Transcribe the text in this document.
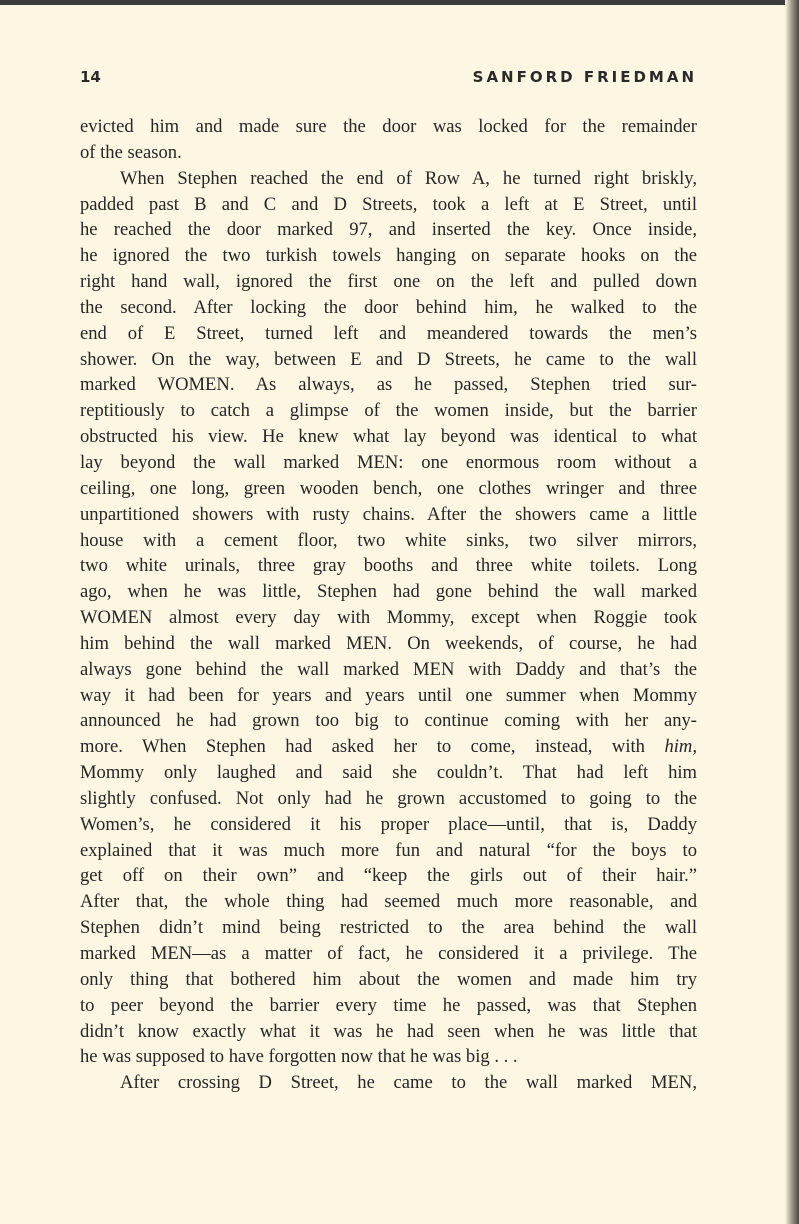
14	SANFORD FRIEDMAN
evicted him and made sure the door was locked for the remainder
of the season.
When Stephen reached the end of Row A, he turned right briskly,
padded past B and C and D Streets, took a left at E Street, until
he reached the door marked 97, and inserted the key. Once inside,
he ignored the two turkish towels hanging on separate hooks on the
right hand wall, ignored the first one on the left and pulled down
the second. After locking the door behind him, he walked to the
end of E Street, turned left and meandered towards the men’s
shower. On the way, between E and D Streets, he came to the wall
marked WOMEN. As always, as he passed, Stephen tried sur-
reptitiously to catch a glimpse of the women inside, but the barrier
obstructed his view. He knew what lay beyond was identical to what
lay beyond the wall marked MEN: one enormous room without a
ceiling, one long, green wooden bench, one clothes wringer and three
unpartitioned showers with rusty chains. After the showers came a little
house with a cement floor, two white sinks, two silver mirrors,
two white urinals, three gray booths and three white toilets. Long
ago, when he was little, Stephen had gone behind the wall marked
WOMEN almost every day with Mommy, except when Roggie took
him behind the wall marked MEN. On weekends, of course, he had
always gone behind the wall marked MEN with Daddy and that’s the
way it had been for years and years until one summer when Mommy
announced he had grown too big to continue coming with her any-
more. When Stephen had asked her to come, instead, with him,
Mommy only laughed and said she couldn’t. That had left him
slightly confused. Not only had he grown accustomed to going to the
Women’s, he considered it his proper place—until, that is, Daddy
explained that it was much more fun and natural “for the boys to
get off on their own” and “keep the girls out of their hair.”
After that, the whole thing had seemed much more reasonable, and
Stephen didn’t mind being restricted to the area behind the wall
marked MEN—as a matter of fact, he considered it a privilege. The
only thing that bothered him about the women and made him try
to peer beyond the barrier every time he passed, was that Stephen
didn’t know exactly what it was he had seen when he was little that
he was supposed to have forgotten now that he was big . . .
After crossing D Street, he came to the wall marked MEN,
